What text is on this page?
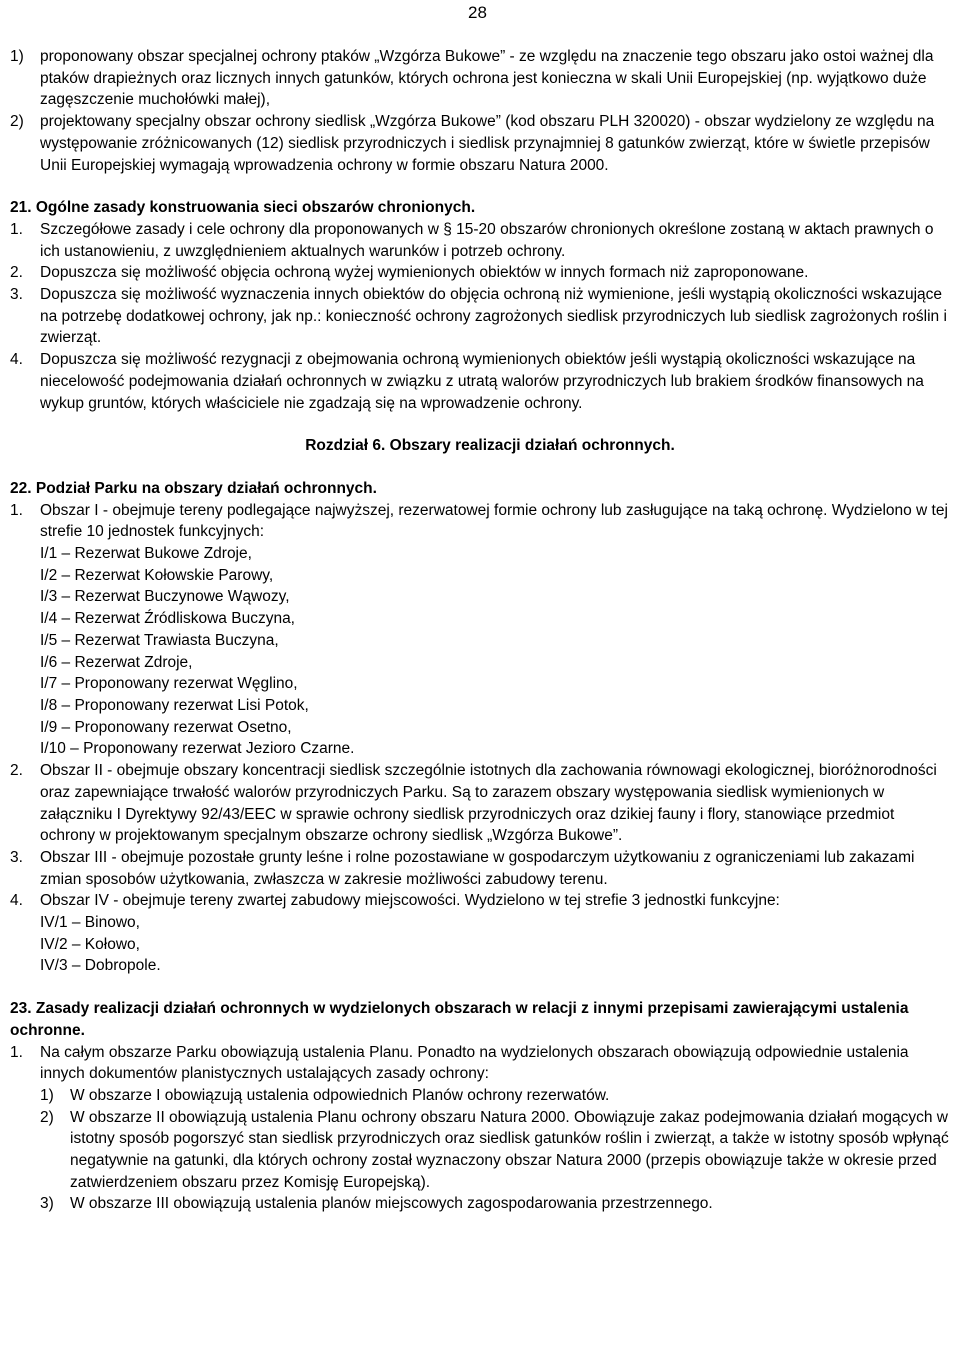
28
1) proponowany obszar specjalnej ochrony ptaków „Wzgórza Bukowe” - ze względu na znaczenie tego obszaru jako ostoi ważnej dla ptaków drapieżnych oraz licznych innych gatunków, których ochrona jest konieczna w skali Unii Europejskiej (np. wyjątkowo duże zagęszczenie muchołówki małej),
2) projektowany specjalny obszar ochrony siedlisk „Wzgórza Bukowe” (kod obszaru PLH 320020) - obszar wydzielony ze względu na występowanie zróżnicowanych (12) siedlisk przyrodniczych i siedlisk przynajmniej 8 gatunków zwierząt, które w świetle przepisów Unii Europejskiej wymagają wprowadzenia ochrony w formie obszaru Natura 2000.
21. Ogólne zasady konstruowania sieci obszarów chronionych.
1. Szczegółowe zasady i cele ochrony dla proponowanych w § 15-20 obszarów chronionych określone zostaną w aktach prawnych o ich ustanowieniu, z uwzględnieniem aktualnych warunków i potrzeb ochrony.
2. Dopuszcza się możliwość objęcia ochroną wyżej wymienionych obiektów w innych formach niż zaproponowane.
3. Dopuszcza się możliwość wyznaczenia innych obiektów do objęcia ochroną niż wymienione, jeśli wystąpią okoliczności wskazujące na potrzebę dodatkowej ochrony, jak np.: konieczność ochrony zagrożonych siedlisk przyrodniczych lub siedlisk zagrożonych roślin i zwierząt.
4. Dopuszcza się możliwość rezygnacji z obejmowania ochroną wymienionych obiektów jeśli wystąpią okoliczności wskazujące na niecelowość podejmowania działań ochronnych w związku z utratą walorów przyrodniczych lub brakiem środków finansowych na wykup gruntów, których właściciele nie zgadzają się na wprowadzenie ochrony.
Rozdział 6. Obszary realizacji działań ochronnych.
22. Podział Parku na obszary działań ochronnych.
1. Obszar I - obejmuje tereny podlegające najwyższej, rezerwatowej formie ochrony lub zasługujące na taką ochronę. Wydzielono w tej strefie 10 jednostek funkcyjnych:
I/1 – Rezerwat Bukowe Zdroje,
I/2 – Rezerwat Kołowskie Parowy,
I/3 – Rezerwat Buczynowe Wąwozy,
I/4 – Rezerwat Źródliskowa Buczyna,
I/5 – Rezerwat Trawiasta Buczyna,
I/6 – Rezerwat Zdroje,
I/7 – Proponowany rezerwat Węglino,
I/8 – Proponowany rezerwat Lisi Potok,
I/9 – Proponowany rezerwat Osetno,
I/10 – Proponowany rezerwat Jezioro Czarne.
2. Obszar II - obejmuje obszary koncentracji siedlisk szczególnie istotnych dla zachowania równowagi ekologicznej, bioróżnorodności oraz zapewniające trwałość walorów przyrodniczych Parku. Są to zarazem obszary występowania siedlisk wymienionych w załączniku I Dyrektywy 92/43/EEC w sprawie ochrony siedlisk przyrodniczych oraz dzikiej fauny i flory, stanowiące przedmiot ochrony w projektowanym specjalnym obszarze ochrony siedlisk „Wzgórza Bukowe”.
3. Obszar III - obejmuje pozostałe grunty leśne i rolne pozostawiane w gospodarczym użytkowaniu z ograniczeniami lub zakazami zmian sposobów użytkowania, zwłaszcza w zakresie możliwości zabudowy terenu.
4. Obszar IV - obejmuje tereny zwartej zabudowy miejscowości. Wydzielono w tej strefie 3 jednostki funkcyjne:
IV/1 – Binowo,
IV/2 – Kołowo,
IV/3 – Dobropole.
23. Zasady realizacji działań ochronnych w wydzielonych obszarach w relacji z innymi przepisami zawierającymi ustalenia ochronne.
1. Na całym obszarze Parku obowiązują ustalenia Planu. Ponadto na wydzielonych obszarach obowiązują odpowiednie ustalenia innych dokumentów planistycznych ustalających zasady ochrony:
1) W obszarze I obowiązują ustalenia odpowiednich Planów ochrony rezerwatów.
2) W obszarze II obowiązują ustalenia Planu ochrony obszaru Natura 2000. Obowiązuje zakaz podejmowania działań mogących w istotny sposób pogorszyć stan siedlisk przyrodniczych oraz siedlisk gatunków roślin i zwierząt, a także w istotny sposób wpłynąć negatywnie na gatunki, dla których ochrony został wyznaczony obszar Natura 2000 (przepis obowiązuje także w okresie przed zatwierdzeniem obszaru przez Komisję Europejską).
3) W obszarze III obowiązują ustalenia planów miejscowych zagospodarowania przestrzennego.
